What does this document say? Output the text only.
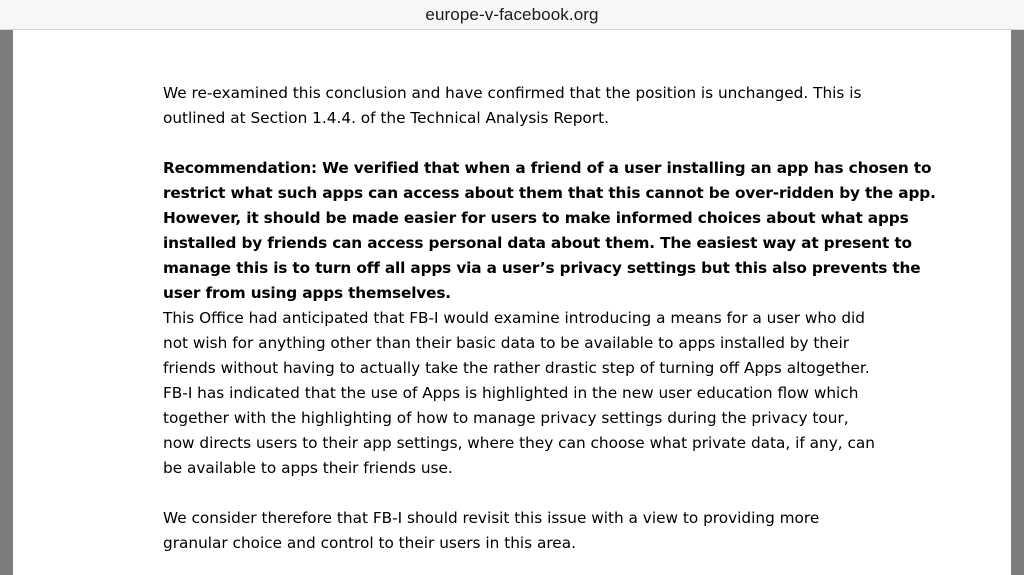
europe-v-facebook.org

We re-examined this conclusion and have confirmed that the position is unchanged. This is
outlined at Section 1.4.4. of the Technical Analysis Report.

Recommendation: We verified that when a friend of a user installing an app has chosen to
restrict what such apps can access about them that this cannot be over-ridden by the app.
However, it should be made easier for users to make informed choices about what apps
installed by friends can access personal data about them. The easiest way at present to
manage this is to turn off all apps via a user’s privacy settings but this also prevents the
user from using apps themselves.

This Office had anticipated that FB-I would examine introducing a means for a user who did
not wish for anything other than their basic data to be available to apps installed by their
friends without having to actually take the rather drastic step of turning off Apps altogether.
FB-I has indicated that the use of Apps is highlighted in the new user education flow which
together with the highlighting of how to manage privacy settings during the privacy tour,
now directs users to their app settings, where they can choose what private data, if any, can
be available to apps their friends use.

We consider therefore that FB-I should revisit this issue with a view to providing more
granular choice and control to their users in this area.
